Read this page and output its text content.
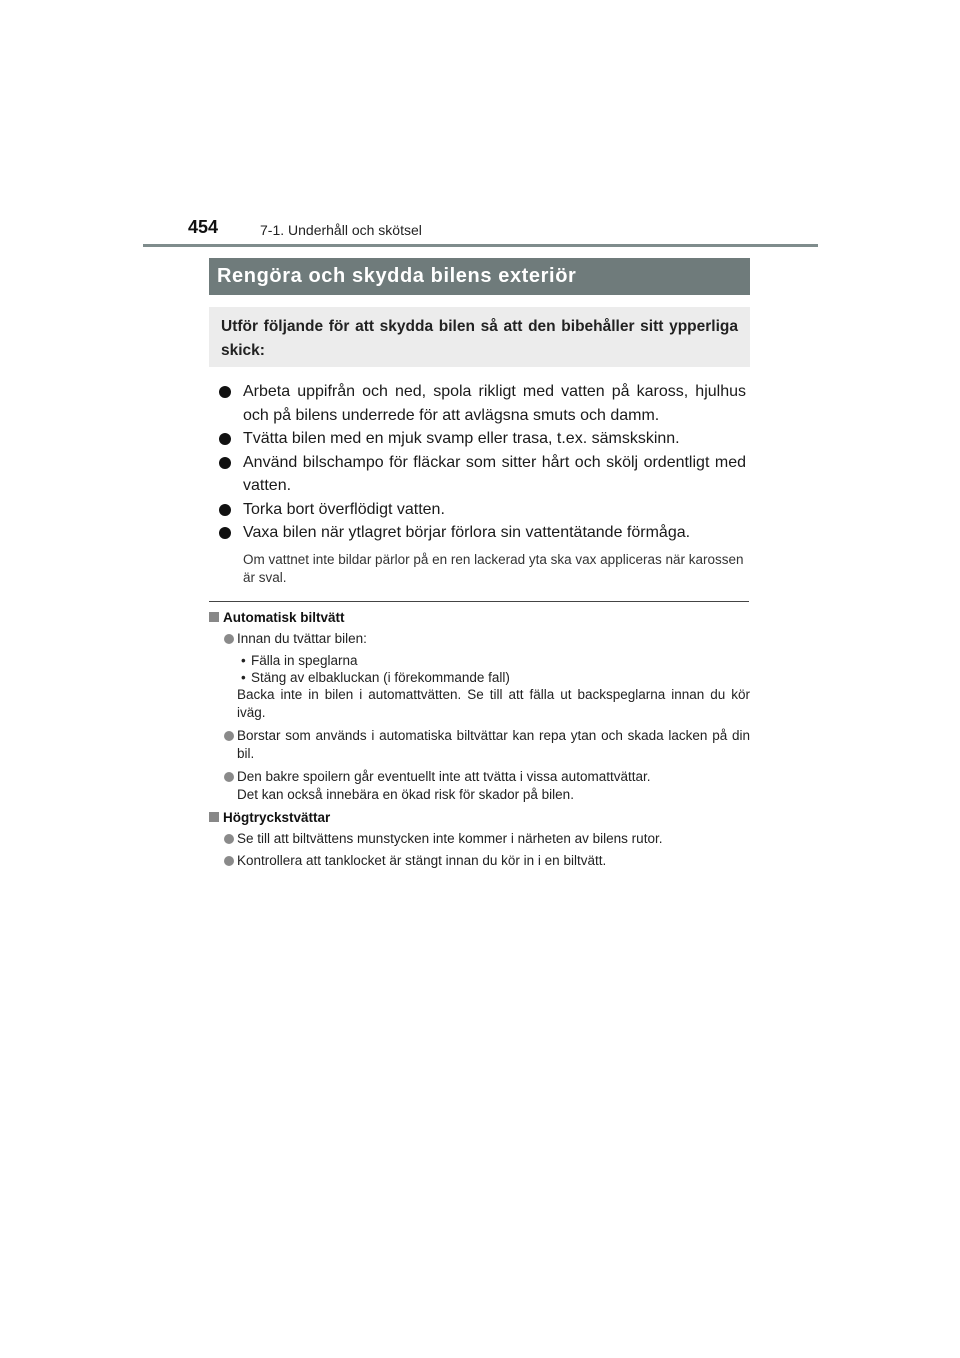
454	7-1. Underhåll och skötsel
Rengöra och skydda bilens exteriör

Utför följande för att skydda bilen så att den bibehåller sitt ypperliga skick:

Arbeta uppifrån och ned, spola rikligt med vatten på kaross, hjulhus och på bilens underrede för att avlägsna smuts och damm.
Tvätta bilen med en mjuk svamp eller trasa, t.ex. sämskskinn.
Använd bilschampo för fläckar som sitter hårt och skölj ordentligt med vatten.
Torka bort överflödigt vatten.
Vaxa bilen när ytlagret börjar förlora sin vattentätande förmåga.
Om vattnet inte bildar pärlor på en ren lackerad yta ska vax appliceras när karossen är sval.
Automatisk biltvätt
Innan du tvättar bilen:
• Fälla in speglarna
• Stäng av elbakluckan (i förekommande fall)
Backa inte in bilen i automattvätten. Se till att fälla ut backspeglarna innan du kör iväg.
Borstar som används i automatiska biltvättar kan repa ytan och skada lacken på din bil.
Den bakre spoilern går eventuellt inte att tvätta i vissa automattvättar.
Det kan också innebära en ökad risk för skador på bilen.
Högtryckstvättar
Se till att biltvättens munstycken inte kommer i närheten av bilens rutor.
Kontrollera att tanklocket är stängt innan du kör in i en biltvätt.
